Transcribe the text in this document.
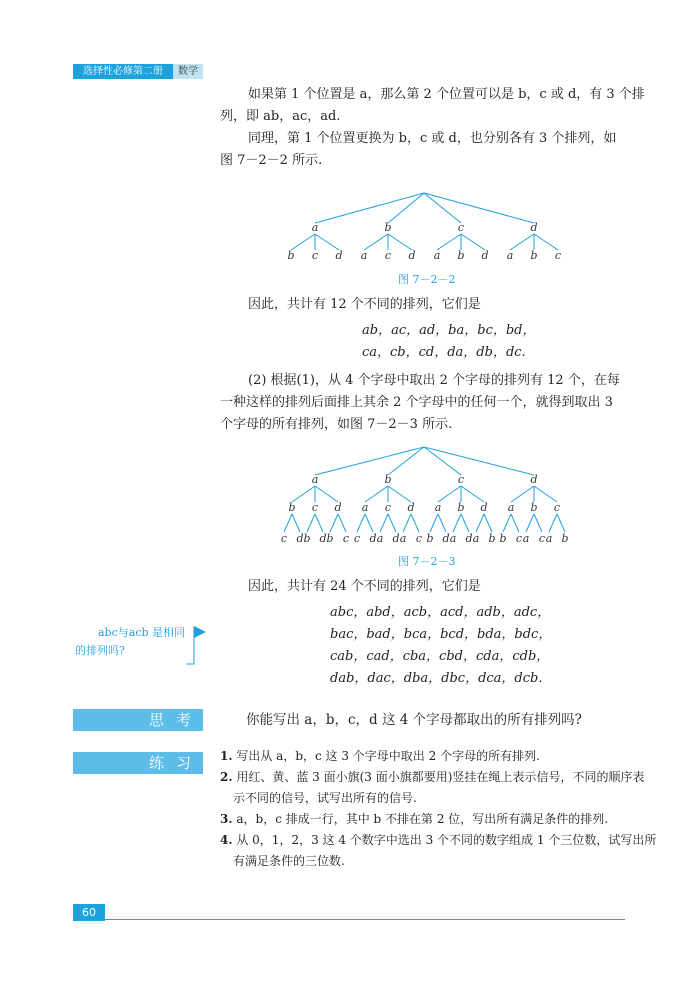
选择性必修第二册	数学
如果第 1 个位置是 a，那么第 2 个位置可以是 b，c 或 d，有 3 个排
列，即 ab，ac，ad.
同理，第 1 个位置更换为 b，c 或 d，也分别各有 3 个排列，如
图 7－2－2 所示.
a
b c d
b
a c d
c
a b d
d
a b c
图 7－2－2
因此，共计有 12 个不同的排列，它们是
ab，ac，ad，ba，bc，bd，
ca，cb，cd，da，db，dc.
(2) 根据(1)，从 4 个字母中取出 2 个字母的排列有 12 个，在每
一种这样的排列后面排上其余 2 个字母中的任何一个，就得到取出 3
个字母的所有排列，如图 7－2－3 所示.
a
b
c d
c
b d
d
b c
b
a
c d
c
a d
d
a c
c
a
b d
b
a d
d
a b
d
a
b c
b
a c
c
a b
图 7－2－3
因此，共计有 24 个不同的排列，它们是
abc，abd，acb，acd，adb，adc，
bac，bad，bca，bcd，bda，bdc，
cab，cad，cba，cbd，cda，cdb，
dab，dac，dba，dbc，dca，dcb.
abc与acb 是相同
的排列吗?
思考	你能写出 a，b，c，d 这 4 个字母都取出的所有排列吗?
练习 1. 写出从 a，b，c 这 3 个字母中取出 2 个字母的所有排列.
2. 用红、黄、蓝 3 面小旗(3 面小旗都要用)竖挂在绳上表示信号，不同的顺序表
示不同的信号，试写出所有的信号.
3. a，b，c 排成一行，其中 b 不排在第 2 位，写出所有满足条件的排列.
4. 从 0，1，2，3 这 4 个数字中选出 3 个不同的数字组成 1 个三位数，试写出所
有满足条件的三位数.
60
